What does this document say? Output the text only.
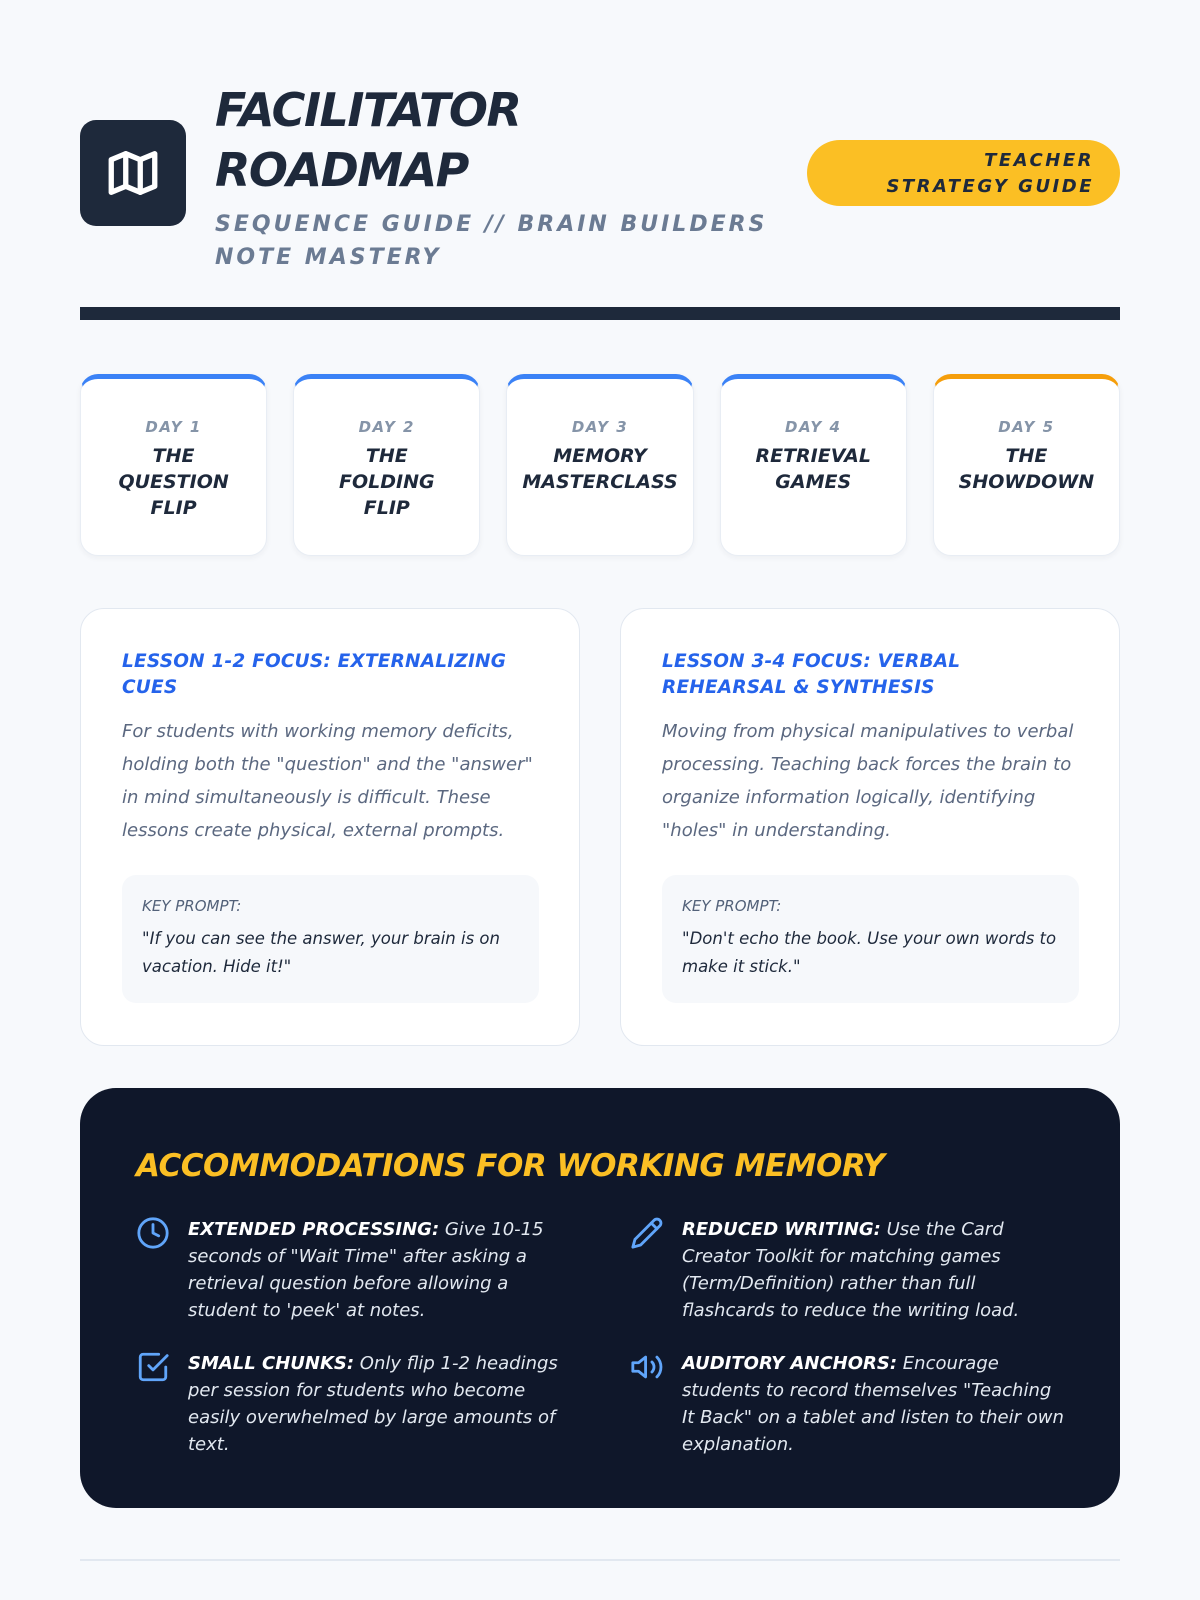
FACILITATOR ROADMAP
SEQUENCE GUIDE // BRAIN BUILDERS NOTE MASTERY
TEACHER STRATEGY GUIDE
DAY 1
THE QUESTION FLIP
DAY 2
THE FOLDING FLIP
DAY 3
MEMORY MASTERCLASS
DAY 4
RETRIEVAL GAMES
DAY 5
THE SHOWDOWN
LESSON 1-2 FOCUS: EXTERNALIZING CUES
For students with working memory deficits, holding both the "question" and the "answer" in mind simultaneously is difficult. These lessons create physical, external prompts.
KEY PROMPT:
"If you can see the answer, your brain is on vacation. Hide it!"
LESSON 3-4 FOCUS: VERBAL REHEARSAL & SYNTHESIS
Moving from physical manipulatives to verbal processing. Teaching back forces the brain to organize information logically, identifying "holes" in understanding.
KEY PROMPT:
"Don't echo the book. Use your own words to make it stick."
ACCOMMODATIONS FOR WORKING MEMORY
EXTENDED PROCESSING: Give 10-15 seconds of "Wait Time" after asking a retrieval question before allowing a student to 'peek' at notes.
REDUCED WRITING: Use the Card Creator Toolkit for matching games (Term/Definition) rather than full flashcards to reduce the writing load.
SMALL CHUNKS: Only flip 1-2 headings per session for students who become easily overwhelmed by large amounts of text.
AUDITORY ANCHORS: Encourage students to record themselves "Teaching It Back" on a tablet and listen to their own explanation.
